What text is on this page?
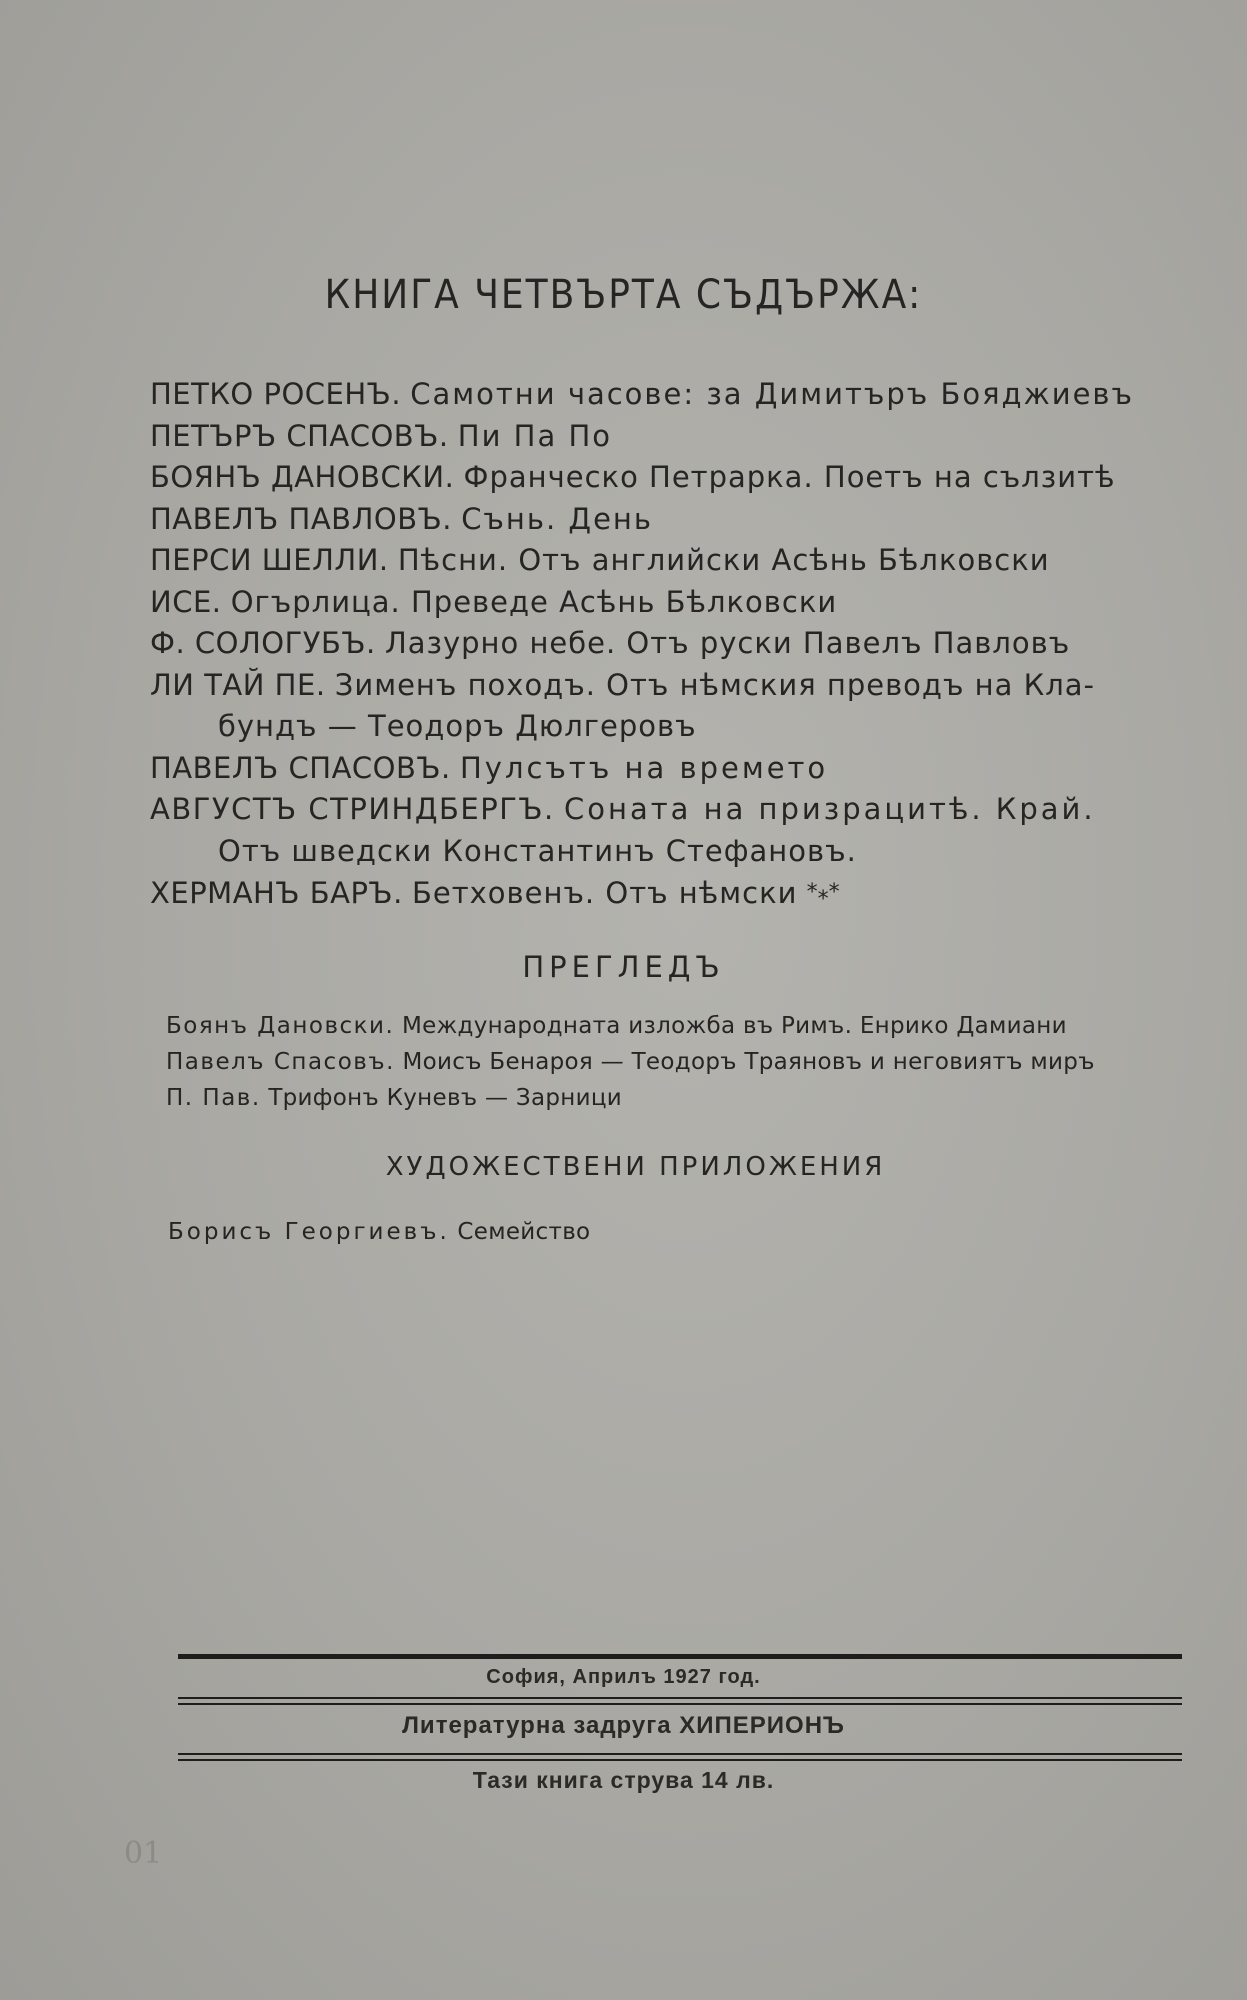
КНИГА ЧЕТВЪРТА СЪДЪРЖА:
ПЕТКО РОСЕНЪ. Самотни часове: за Димитъръ Бояджиевъ
ПЕТЪРЪ СПАСОВЪ. Пи Па По
БОЯНЪ ДАНОВСКИ. Франческо Петрарка. Поетъ на сълзитѣ
ПАВЕЛЪ ПАВЛОВЪ. Сънь. День
ПЕРСИ ШЕЛЛИ. Пѣсни. Отъ английски Асѣнь Бѣлковски
ИСЕ. Огърлица. Преведе Асѣнь Бѣлковски
Ф. СОЛОГУБЪ. Лазурно небе. Отъ руски Павелъ Павловъ
ЛИ ТАЙ ПЕ. Зименъ походъ. Отъ нѣмския преводъ на Кла-
бундъ — Теодоръ Дюлгеровъ
ПАВЕЛЪ СПАСОВЪ. Пулсътъ на времето
АВГУСТЪ СТРИНДБЕРГЪ. Соната на призрацитѣ. Край.
Отъ шведски Константинъ Стефановъ.
ХЕРМАНЪ БАРЪ. Бетховенъ. Отъ нѣмски *⁎*
ПРЕГЛЕДЪ
Боянъ Дановски. Международната изложба въ Римъ. Енрико Дамиани
Павелъ Спасовъ. Моисъ Бенароя — Теодоръ Траяновъ и неговиятъ миръ
П. Пав. Трифонъ Куневъ — Зарници
ХУДОЖЕСТВЕНИ ПРИЛОЖЕНИЯ
Борисъ Георгиевъ. Семейство
София, Априлъ 1927 год.
Литературна задруга ХИПЕРИОНЪ
Тази книга струва 14 лв.
01
